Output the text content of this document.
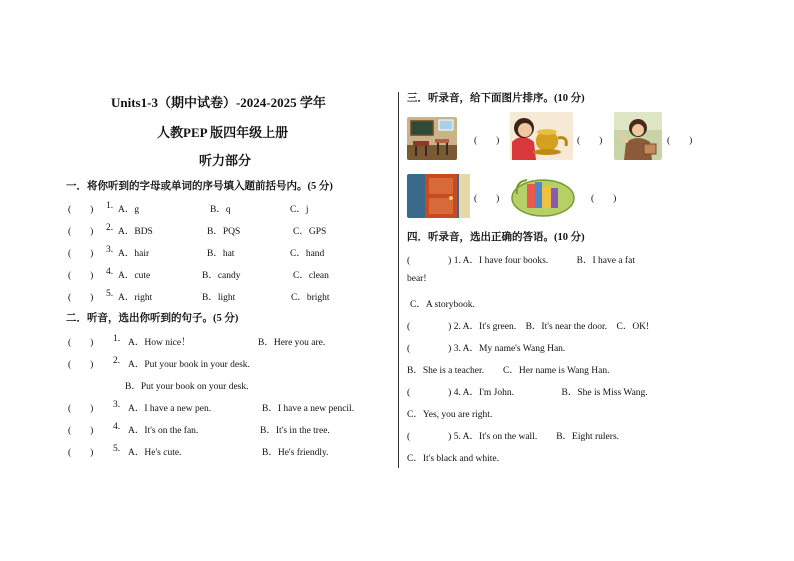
Units1-3（期中试卷）-2024-2025 学年
人教PEP 版四年级上册
听力部分
一．将你听到的字母或单词的序号填入题前括号内。(5 分)
(　　) 1. A．g	B．q	C．j
(　　) 2. A．BDS	B．PQS	C．GPS
(　　) 3. A．hair	B．hat	C．hand
(　　) 4. A．cute	B．candy	C．clean
(　　) 5. A．right	B．light	C．bright
二．听音，选出你听到的句子。(5 分)
(　　) 1. A．How nice！	B．Here you are.
(　　) 2. A．Put your book in your desk.
B．Put your book on your desk.
(　　) 3. A．I have a new pen.	B．I have a new pencil.
(　　) 4. A．It's on the fan.	B．It's in the tree.
(　　) 5. A．He's cute.	B．He's friendly.
三．听录音，给下面图片排序。(10 分)
(　　)	(　　)	(　　)
(　　)	(　　)
四．听录音，选出正确的答语。(10 分)
(　　　　) 1. A．I have four books.　　　B．I have a fat
bear!
C．A storybook.
(　　　　) 2. A．It's green.　B．It's near the door.　C．OK!
(　　　　) 3. A．My name's Wang Han.
B．She is a teacher.　　C．Her name is Wang Han.
(　　　　) 4. A．I'm John.　　　　　B．She is Miss Wang.
C．Yes, you are right.
(　　　　) 5. A．It's on the wall.　　B．Eight rulers.
C．It's black and white.
